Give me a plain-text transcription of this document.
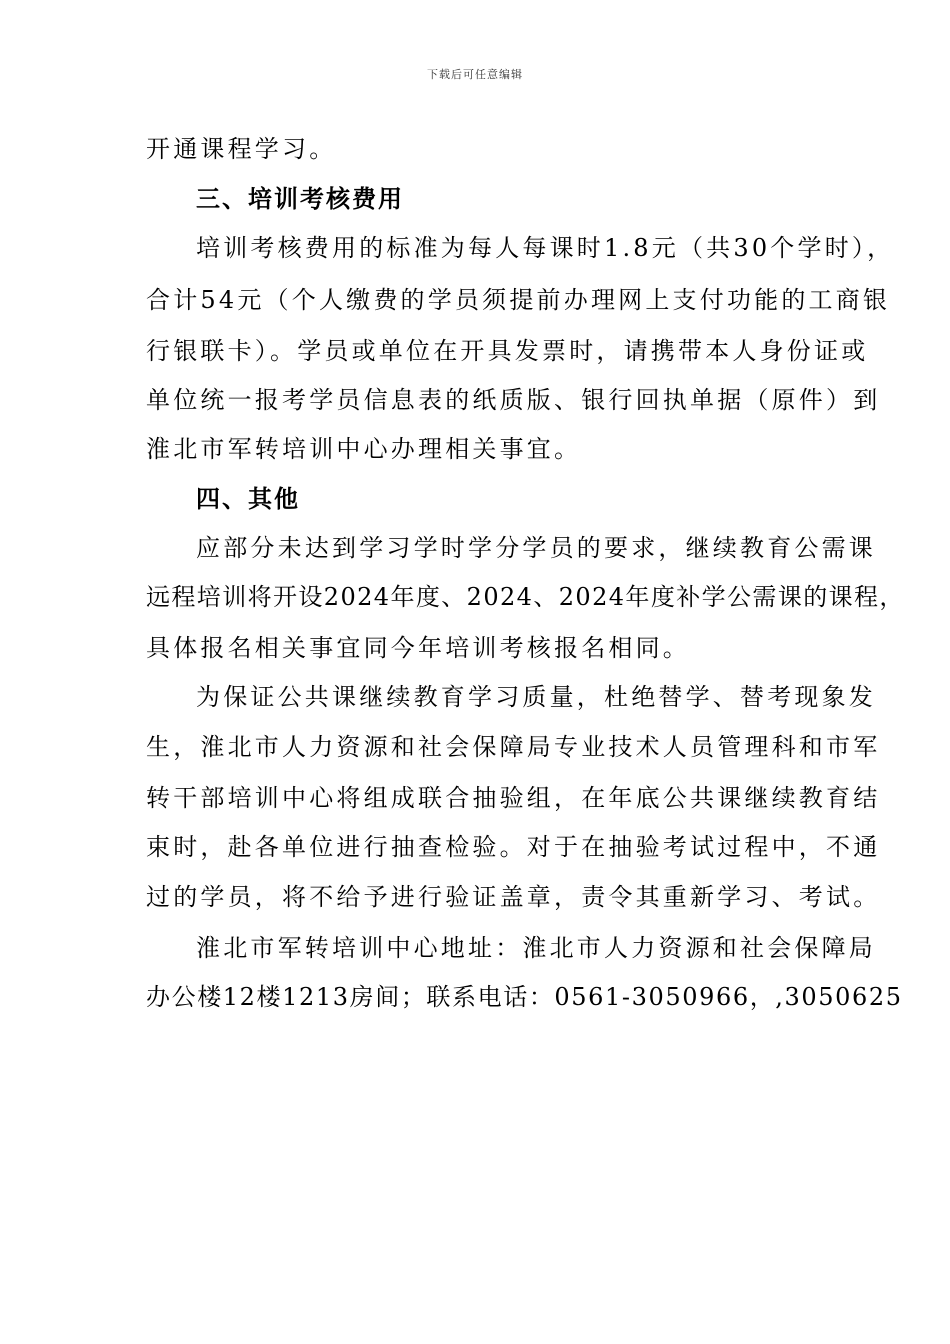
下载后可任意编辑
开通课程学习。
三、培训考核费用
培训考核费用的标准为每人每课时1.8元（共30个学时），
合计54元（个人缴费的学员须提前办理网上支付功能的工商银
行银联卡）。学员或单位在开具发票时，请携带本人身份证或
单位统一报考学员信息表的纸质版、银行回执单据（原件）到
淮北市军转培训中心办理相关事宜。
四、其他
应部分未达到学习学时学分学员的要求，继续教育公需课
远程培训将开设2024年度、2024、2024年度补学公需课的课程，
具体报名相关事宜同今年培训考核报名相同。
为保证公共课继续教育学习质量，杜绝替学、替考现象发
生，淮北市人力资源和社会保障局专业技术人员管理科和市军
转干部培训中心将组成联合抽验组，在年底公共课继续教育结
束时，赴各单位进行抽查检验。对于在抽验考试过程中，不通
过的学员，将不给予进行验证盖章，责令其重新学习、考试。
淮北市军转培训中心地址：淮北市人力资源和社会保障局
办公楼12楼1213房间；联系电话：0561-3050966，,3050625
